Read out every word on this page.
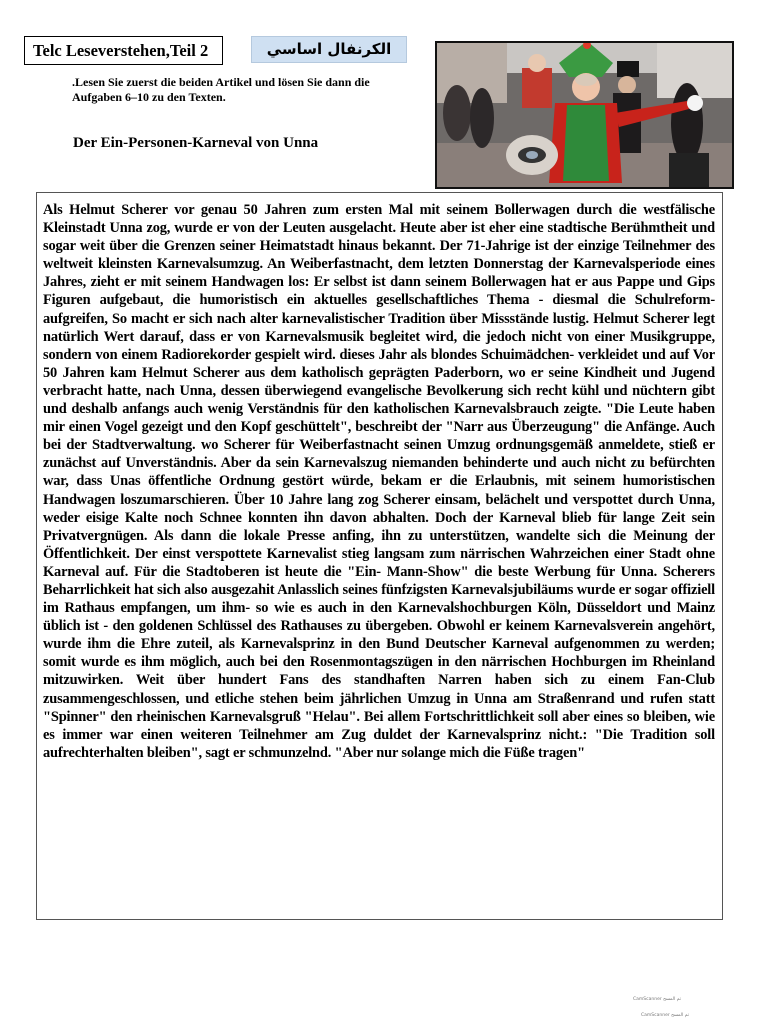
Telc Leseverstehen,Teil 2	الكرنفال اساسي
.Lesen Sie zuerst die beiden Artikel und lösen Sie dann die Aufgaben 6–10 zu den Texten.
Der Ein-Personen-Karneval von Unna

Als Helmut Scherer vor genau 50 Jahren zum ersten Mal mit seinem Bollerwagen durch die westfälische Kleinstadt Unna zog, wurde er von der Leuten ausgelacht. Heute aber ist eher eine stadtische Berühmtheit und sogar weit über die Grenzen seiner Heimatstadt hinaus bekannt. Der 71-Jahrige ist der einzige Teilnehmer des weltweit kleinsten Karnevalsumzug. An Weiberfastnacht, dem letzten Donnerstag der Karnevalsperiode eines Jahres, zieht er mit seinem Handwagen los: Er selbst ist dann seinem Bollerwagen hat er aus Pappe und Gips Figuren aufgebaut, die humoristisch ein aktuelles gesellschaftliches Thema - diesmal die Schulreform- aufgreifen, So macht er sich nach alter karnevalistischer Tradition über Missstände lustig. Helmut Scherer legt natürlich Wert darauf, dass er von Karnevalsmusik begleitet wird, die jedoch nicht von einer Musikgruppe, sondern von einem Radiorekorder gespielt wird. dieses Jahr als blondes Schuimädchen- verkleidet und auf Vor 50 Jahren kam Helmut Scherer aus dem katholisch geprägten Paderborn, wo er seine Kindheit und Jugend verbracht hatte, nach Unna, dessen überwiegend evangelische Bevolkerung sich recht kühl und nüchtern gibt und deshalb anfangs auch wenig Verständnis für den katholischen Karnevalsbrauch zeigte. "Die Leute haben mir einen Vogel gezeigt und den Kopf geschüttelt", beschreibt der "Narr aus Überzeugung" die Anfänge. Auch bei der Stadtverwaltung. wo Scherer für Weiberfastnacht seinen Umzug ordnungsgemäß anmeldete, stieß er zunächst auf Unverständnis. Aber da sein Karnevalszug niemanden behinderte und auch nicht zu befürchten war, dass Unas öffentliche Ordnung gestört würde, bekam er die Erlaubnis, mit seinem humoristischen Handwagen loszumarschieren. Über 10 Jahre lang zog Scherer einsam, belächelt und verspottet durch Unna, weder eisige Kalte noch Schnee konnten ihn davon abhalten. Doch der Karneval blieb für lange Zeit sein Privatvergnügen. Als dann die lokale Presse anfing, ihn zu unterstützen, wandelte sich die Meinung der Öffentlichkeit. Der einst verspottete Karnevalist stieg langsam zum närrischen Wahrzeichen einer Stadt ohne Karneval auf. Für die Stadtoberen ist heute die "Ein- Mann-Show" die beste Werbung für Unna. Scherers Beharrlichkeit hat sich also ausgezahit Anlasslich seines fünfzigsten Karnevalsjubiläums wurde er sogar offiziell im Rathaus empfangen, um ihm- so wie es auch in den Karnevalshochburgen Köln, Düsseldort und Mainz üblich ist - den goldenen Schlüssel des Rathauses zu übergeben. Obwohl er keinem Karnevalsverein angehört, wurde ihm die Ehre zuteil, als Karnevalsprinz in den Bund Deutscher Karneval aufgenommen zu werden; somit wurde es ihm möglich, auch bei den Rosenmontagszügen in den närrischen Hochburgen im Rheinland mitzuwirken. Weit über hundert Fans des standhaften Narren haben sich zu einem Fan-Club zusammengeschlossen, und etliche stehen beim jährlichen Umzug in Unna am Straßenrand und rufen statt "Spinner" den rheinischen Karnevalsgruß "Helau". Bei allem Fortschrittlichkeit soll aber eines so bleiben, wie es immer war einen weiteren Teilnehmer am Zug duldet der Karnevalsprinz nicht.: "Die Tradition soll aufrechterhalten bleiben", sagt er schmunzelnd. "Aber nur solange mich die Füße tragen"

CamScanner تم المسح
CamScanner تم المسح
